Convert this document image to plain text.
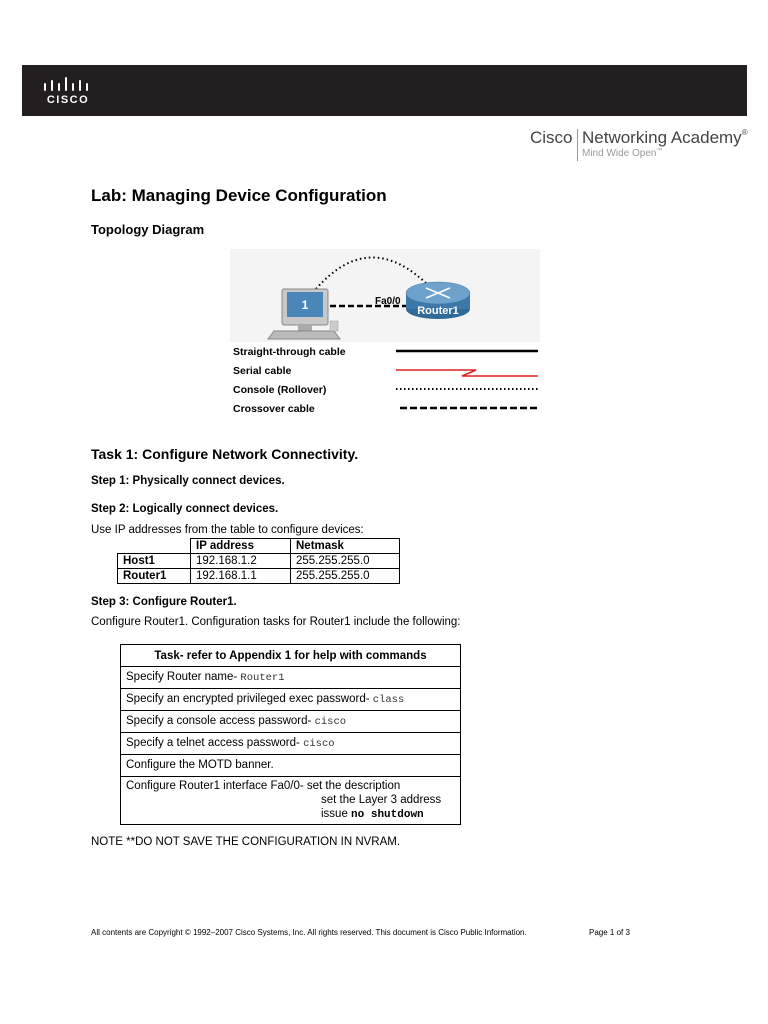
CISCO
Cisco Networking Academy®
Mind Wide Open™
Lab: Managing Device Configuration
Topology Diagram
1	Fa0/0
Router1
Straight-through cable
Serial cable
Console (Rollover)
Crossover cable
Task 1: Configure Network Connectivity.
Step 1: Physically connect devices.
Step 2: Logically connect devices.
Use IP addresses from the table to configure devices:
	IP address	Netmask
Host1	192.168.1.2	255.255.255.0
Router1	192.168.1.1	255.255.255.0
Step 3: Configure Router1.
Configure Router1. Configuration tasks for Router1 include the following:
Task- refer to Appendix 1 for help with commands
Specify Router name- Router1
Specify an encrypted privileged exec password- class
Specify a console access password- cisco
Specify a telnet access password- cisco
Configure the MOTD banner.

Configure Router1 interface Fa0/0- set the description
set the Layer 3 address
issue no shutdown
NOTE **DO NOT SAVE THE CONFIGURATION IN NVRAM.
All contents are Copyright © 1992–2007 Cisco Systems, Inc. All rights reserved. This document is Cisco Public Information.	Page 1 of 3
